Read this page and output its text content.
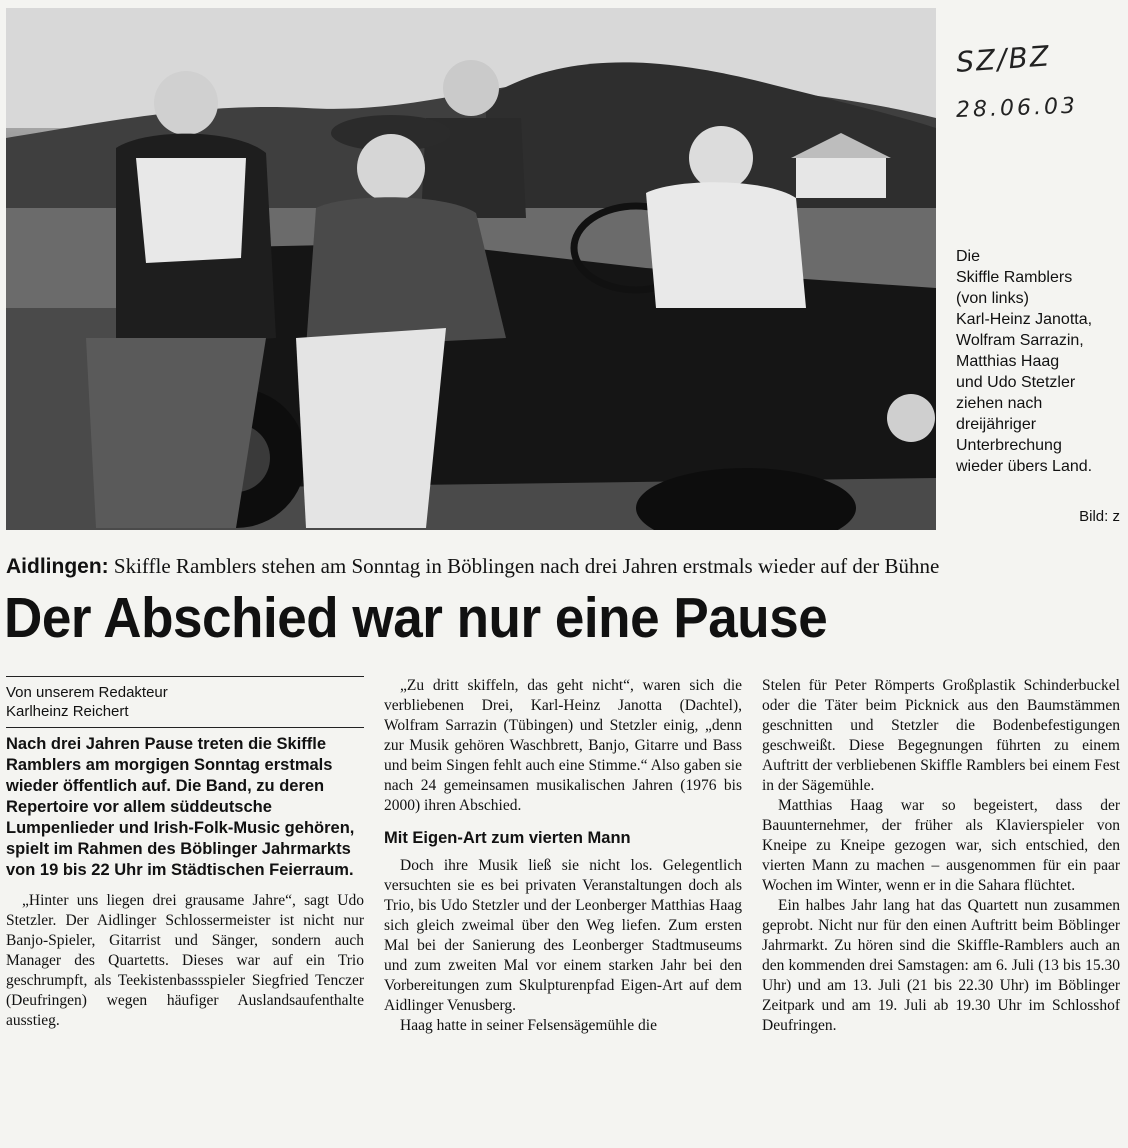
SZ/BZ
28.06.03
Die
Skiffle Ramblers
(von links)
Karl-Heinz Janotta,
Wolfram Sarrazin,
Matthias Haag
und Udo Stetzler
ziehen nach
dreijähriger
Unterbrechung
wieder übers Land.
Bild: z
Aidlingen: Skiffle Ramblers stehen am Sonntag in Böblingen nach drei Jahren erstmals wieder auf der Bühne
Der Abschied war nur eine Pause
Von unserem Redakteur
Karlheinz Reichert
Nach drei Jahren Pause treten die Skiffle Ramblers am morgigen Sonntag erstmals wieder öffentlich auf. Die Band, zu deren Repertoire vor allem süddeutsche Lumpenlieder und Irish-Folk-Music gehören, spielt im Rahmen des Böblinger Jahrmarkts von 19 bis 22 Uhr im Städtischen Feierraum.

„Hinter uns liegen drei grausame Jahre“, sagt Udo Stetzler. Der Aidlinger Schlossermeister ist nicht nur Banjo-Spieler, Gitarrist und Sänger, sondern auch Manager des Quartetts. Dieses war auf ein Trio geschrumpft, als Teekistenbassspieler Siegfried Tenczer (Deufringen) wegen häufiger Auslandsaufenthalte ausstieg.

„Zu dritt skiffeln, das geht nicht“, waren sich die verbliebenen Drei, Karl-Heinz Janotta (Dachtel), Wolfram Sarrazin (Tübingen) und Stetzler einig, „denn zur Musik gehören Waschbrett, Banjo, Gitarre und Bass und beim Singen fehlt auch eine Stimme.“ Also gaben sie nach 24 gemeinsamen musikalischen Jahren (1976 bis 2000) ihren Abschied.

Mit Eigen-Art zum vierten Mann

Doch ihre Musik ließ sie nicht los. Gelegentlich versuchten sie es bei privaten Veranstaltungen doch als Trio, bis Udo Stetzler und der Leonberger Matthias Haag sich gleich zweimal über den Weg liefen. Zum ersten Mal bei der Sanierung des Leonberger Stadtmuseums und zum zweiten Mal vor einem starken Jahr bei den Vorbereitungen zum Skulpturenpfad Eigen-Art auf dem Aidlinger Venusberg.

Haag hatte in seiner Felsensägemühle die

Stelen für Peter Römperts Großplastik Schinderbuckel oder die Täter beim Picknick aus den Baumstämmen geschnitten und Stetzler die Bodenbefestigungen geschweißt. Diese Begegnungen führten zu einem Auftritt der verbliebenen Skiffle Ramblers bei einem Fest in der Sägemühle.

Matthias Haag war so begeistert, dass der Bauunternehmer, der früher als Klavierspieler von Kneipe zu Kneipe gezogen war, sich entschied, den vierten Mann zu machen – ausgenommen für ein paar Wochen im Winter, wenn er in die Sahara flüchtet.

Ein halbes Jahr lang hat das Quartett nun zusammen geprobt. Nicht nur für den einen Auftritt beim Böblinger Jahrmarkt. Zu hören sind die Skiffle-Ramblers auch an den kommenden drei Samstagen: am 6. Juli (13 bis 15.30 Uhr) und am 13. Juli (21 bis 22.30 Uhr) im Böblinger Zeitpark und am 19. Juli ab 19.30 Uhr im Schlosshof Deufringen.
